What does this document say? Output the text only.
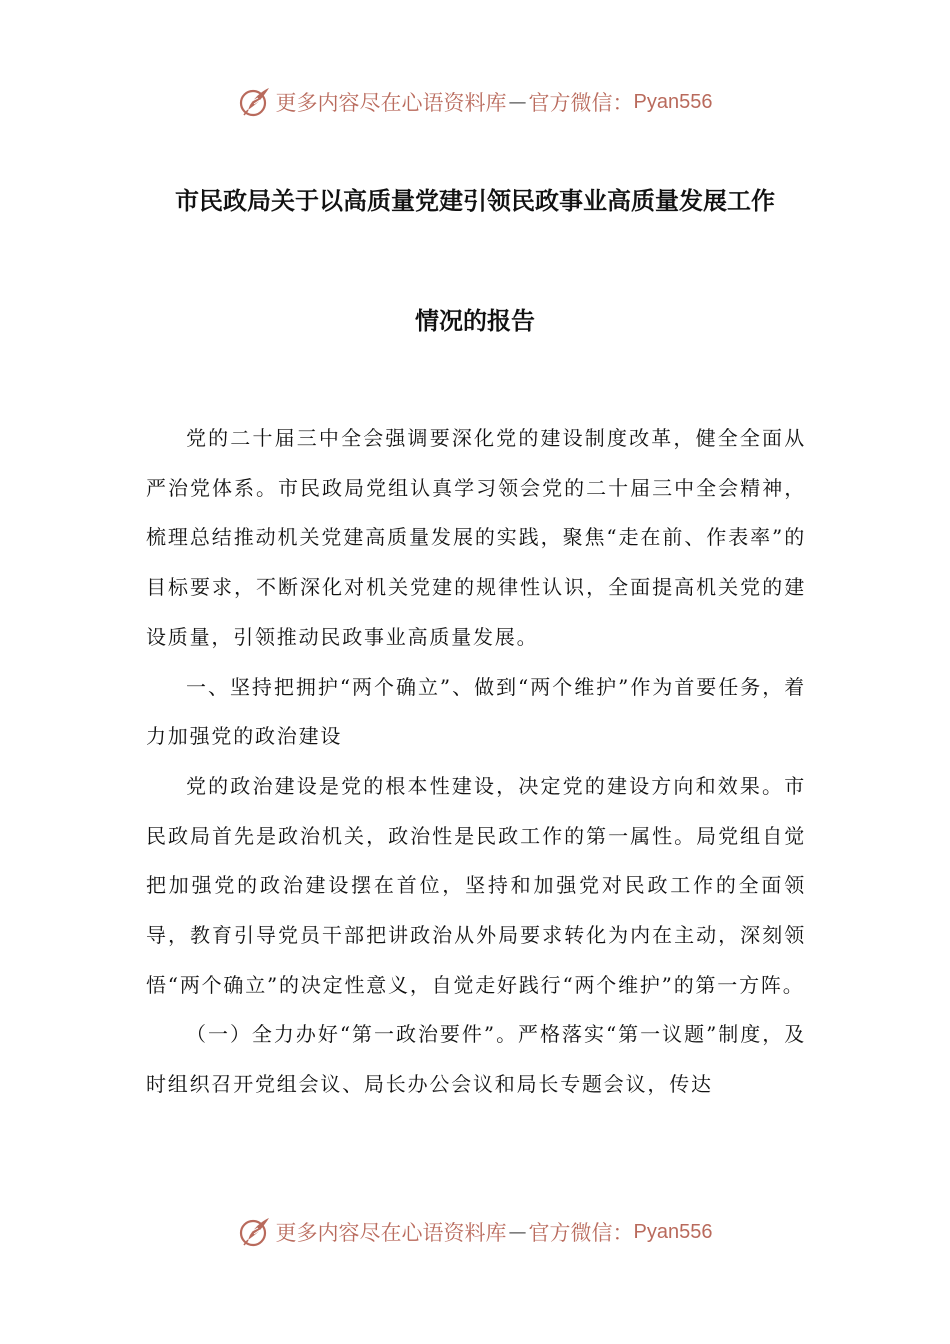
更多内容尽在心语资料库 — 官方微信： Pyan556
市民政局关于以高质量党建引领民政事业高质量发展工作
情况的报告

党的二十届三中全会强调要深化党的建设制度改革，健全全面从严治党体系。市民政局党组认真学习领会党的二十届三中全会精神，梳理总结推动机关党建高质量发展的实践，聚焦“走在前、作表率”的目标要求，不断深化对机关党建的规律性认识，全面提高机关党的建设质量，引领推动民政事业高质量发展。

一、坚持把拥护“两个确立”、做到“两个维护”作为首要任务，着力加强党的政治建设

党的政治建设是党的根本性建设，决定党的建设方向和效果。市民政局首先是政治机关，政治性是民政工作的第一属性。局党组自觉把加强党的政治建设摆在首位，坚持和加强党对民政工作的全面领导，教育引导党员干部把讲政治从外局要求转化为内在主动，深刻领悟“两个确立”的决定性意义，自觉走好践行“两个维护”的第一方阵。

（一）全力办好“第一政治要件”。严格落实“第一议题”制度，及时组织召开党组会议、局长办公会议和局长专题会议，传达

更多内容尽在心语资料库 — 官方微信： Pyan556
